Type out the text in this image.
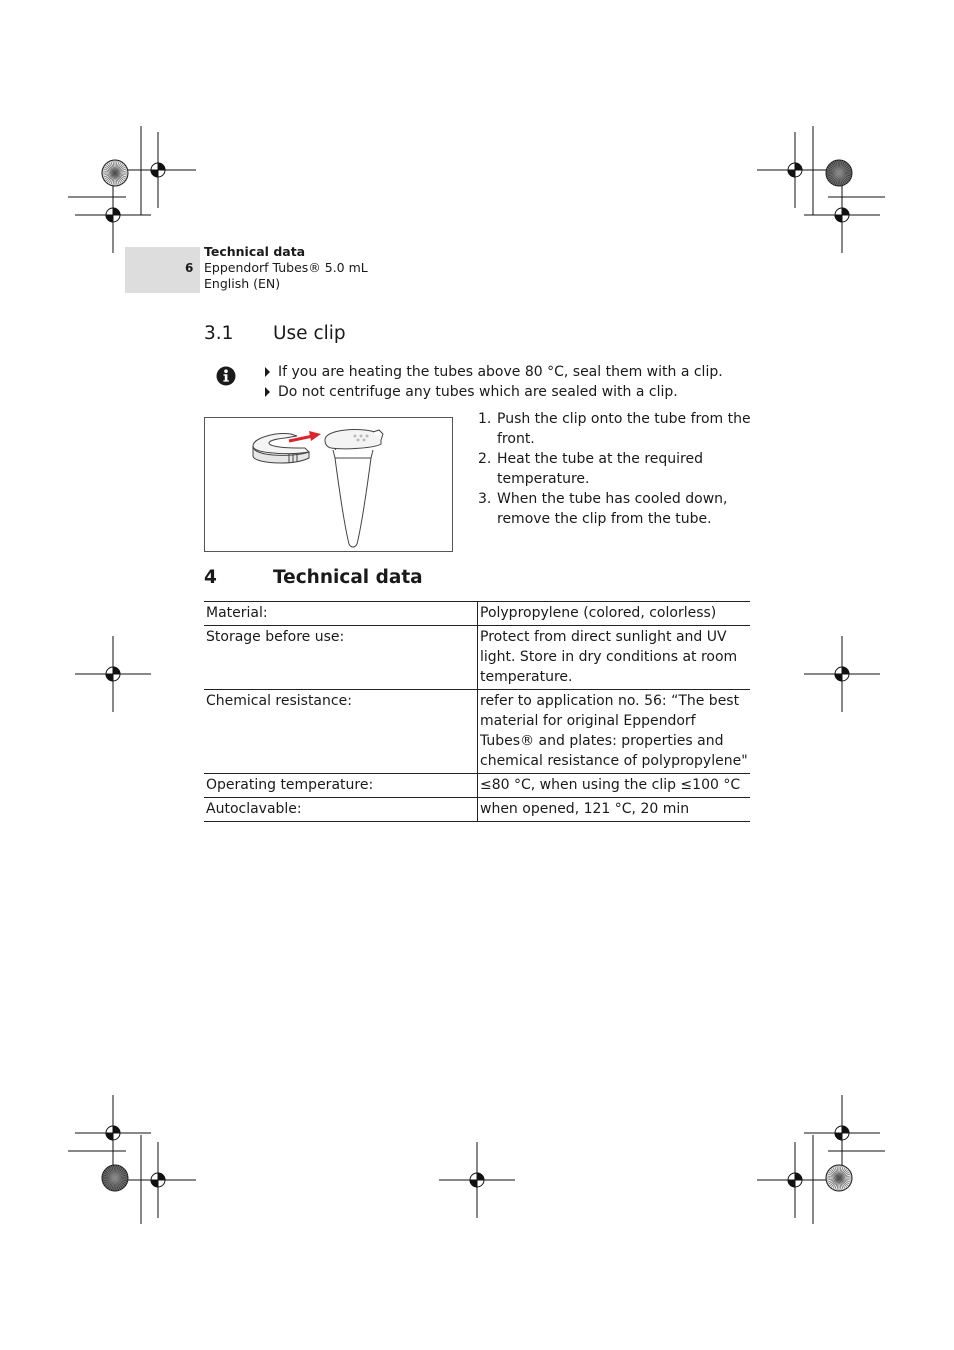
6
Technical data
Eppendorf Tubes® 5.0 mL
English (EN)
3.1 Use clip
If you are heating the tubes above 80 °C, seal them with a clip.
Do not centrifuge any tubes which are sealed with a clip.
1. Push the clip onto the tube from the front.
2. Heat the tube at the required temperature.
3. When the tube has cooled down, remove the clip from the tube.
4	Technical data
Material:	Polypropylene (colored, colorless)
Storage before use:	Protect from direct sunlight and UV light. Store in dry conditions at room temperature.
Chemical resistance:	refer to application no. 56: “The best material for original Eppendorf Tubes® and plates: properties and chemical resistance of polypropylene"
Operating temperature:	≤80 °C, when using the clip ≤100 °C
Autoclavable:	when opened, 121 °C, 20 min
